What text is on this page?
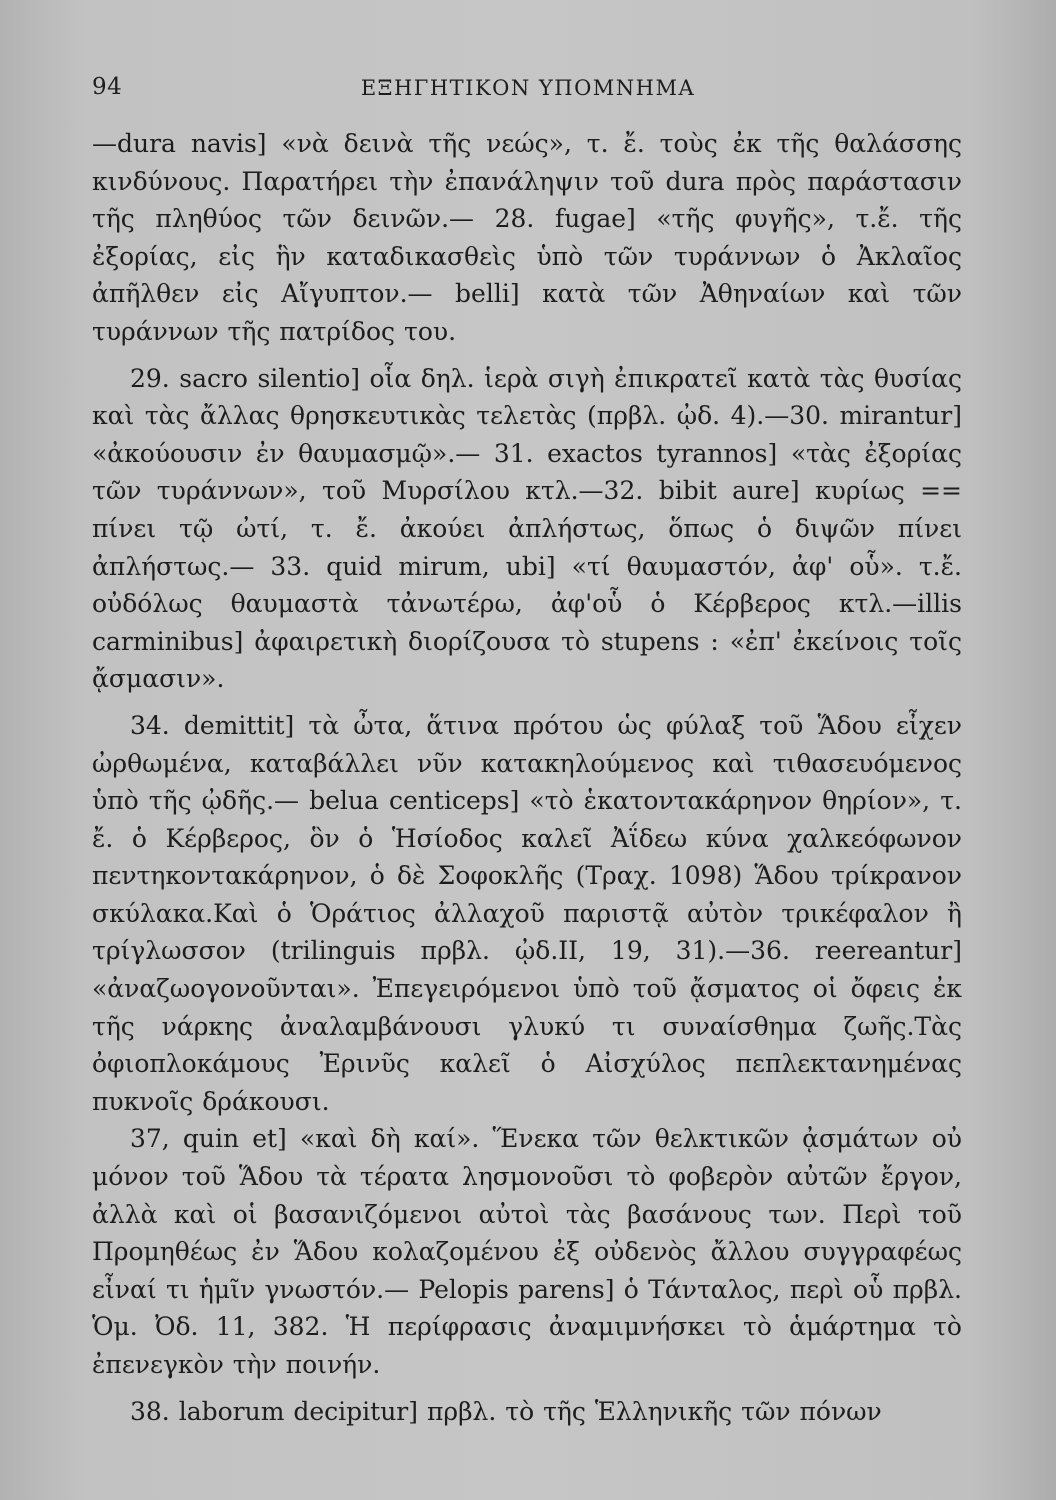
94	ΕΞΗΓΗΤΙΚΟΝ ΥΠΟΜΝΗΜΑ

—dura navis] «νὰ δεινὰ τῆς νεώς», τ. ἔ. τοὺς ἐκ τῆς θαλάσσης κινδύνους. Παρατήρει τὴν ἐπανάληψιν τοῦ dura πρὸς παράστασιν τῆς πληθύος τῶν δεινῶν.— 28. fugae] «τῆς φυγῆς», τ.ἔ. τῆς ἐξορίας, εἰς ἣν καταδικασθεὶς ὑπὸ τῶν τυράννων ὁ Ἀκλαῖος ἀπῆλθεν εἰς Αἴγυπτον.— belli] κατὰ τῶν Ἀθηναίων καὶ τῶν τυράννων τῆς πατρίδος του.

29. sacro silentio] οἷα δηλ. ἱερὰ σιγὴ ἐπικρατεῖ κατὰ τὰς θυσίας καὶ τὰς ἄλλας θρησκευτικὰς τελετὰς (πρβλ. ᾠδ. 4).—30. mirantur] «ἀκούουσιν ἐν θαυμασμῷ».— 31. exactos tyrannos] «τὰς ἐξορίας τῶν τυράννων», τοῦ Μυρσίλου κτλ.—32. bibit aure] κυρίως == πίνει τῷ ὠτί, τ. ἔ. ἀκούει ἀπλήστως, ὅπως ὁ διψῶν πίνει ἀπλήστως.— 33. quid mirum, ubi] «τί θαυμαστόν, ἀφ' οὗ». τ.ἔ. οὐδόλως θαυμαστὰ τἀνωτέρω, ἀφ'οὗ ὁ Κέρβερος κτλ.—illis carminibus] ἀφαιρετικὴ διορίζουσα τὸ stupens : «ἐπ' ἐκείνοις τοῖς ᾄσμασιν».

34. demittit] τὰ ὦτα, ἅτινα πρότου ὡς φύλαξ τοῦ Ἅδου εἶχεν ὠρθωμένα, καταβάλλει νῦν κατακηλούμενος καὶ τιθασευόμενος ὑπὸ τῆς ᾠδῆς.— belua centiceps] «τὸ ἑκατοντακάρηνον θηρίον», τ. ἔ. ὁ Κέρβερος, ὃν ὁ Ἡσίοδος καλεῖ Ἀΐδεω κύνα χαλκεόφωνον πεντηκοντακάρηνον, ὁ δὲ Σοφοκλῆς (Τραχ. 1098) Ἅδου τρίκρανον σκύλακα.Καὶ ὁ Ὁράτιος ἀλλαχοῦ παριστᾷ αὐτὸν τρικέφαλον ἢ τρίγλωσσον (trilinguis πρβλ. ᾠδ.II, 19, 31).—36. reereantur] «ἀναζωογονοῦνται». Ἐπεγειρόμενοι ὑπὸ τοῦ ᾄσματος οἱ ὄφεις ἐκ τῆς νάρκης ἀναλαμβάνουσι γλυκύ τι συναίσθημα ζωῆς.Τὰς ὀφιοπλοκάμους Ἐρινῦς καλεῖ ὁ Αἰσχύλος πεπλεκτανημένας πυκνοῖς δράκουσι.

37, quin et] «καὶ δὴ καί». Ἕνεκα τῶν θελκτικῶν ᾀσμάτων οὐ μόνον τοῦ Ἅδου τὰ τέρατα λησμονοῦσι τὸ φοβερὸν αὐτῶν ἔργον, ἀλλὰ καὶ οἱ βασανιζόμενοι αὐτοὶ τὰς βασάνους των. Περὶ τοῦ Προμηθέως ἐν Ἅδου κολαζομένου ἐξ οὐδενὸς ἄλλου συγγραφέως εἶναί τι ἡμῖν γνωστόν.— Pelopis parens] ὁ Τάνταλος, περὶ οὗ πρβλ. Ὁμ. Ὀδ. 11, 382. Ἡ περίφρασις ἀναμιμνήσκει τὸ ἁμάρτημα τὸ ἐπενεγκὸν τὴν ποινήν.

38. laborum decipitur] πρβλ. τὸ τῆς Ἑλληνικῆς τῶν πόνων
